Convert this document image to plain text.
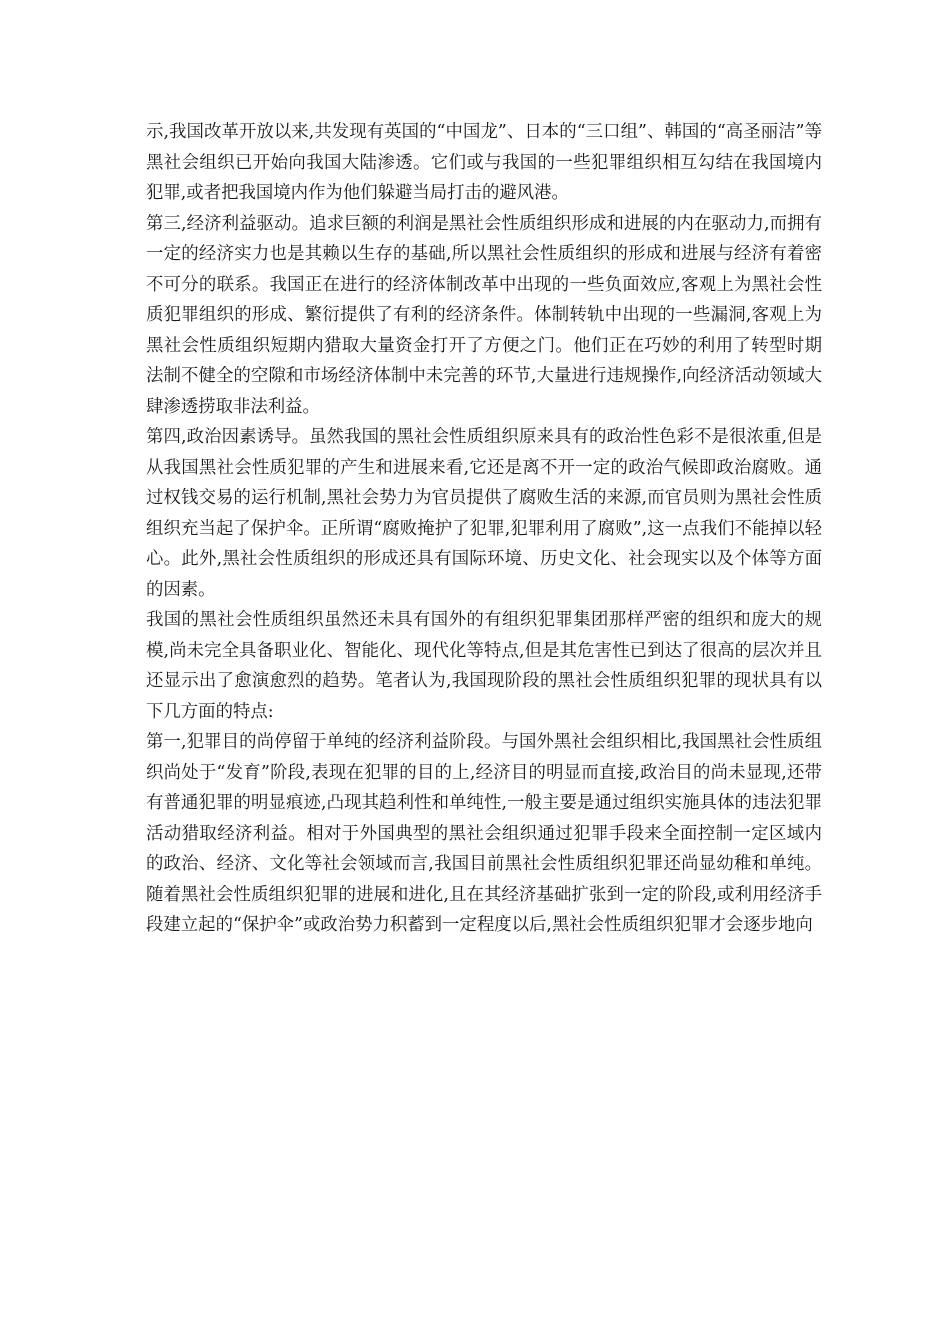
示,我国改革开放以来,共发现有英国的“中国龙”、日本的“三口组”、韩国的“高圣丽洁”等黑社会组织已开始向我国大陆渗透。它们或与我国的一些犯罪组织相互勾结在我国境内犯罪,或者把我国境内作为他们躲避当局打击的避风港。

第三,经济利益驱动。追求巨额的利润是黑社会性质组织形成和进展的内在驱动力,而拥有一定的经济实力也是其赖以生存的基础,所以黑社会性质组织的形成和进展与经济有着密不可分的联系。我国正在进行的经济体制改革中出现的一些负面效应,客观上为黑社会性质犯罪组织的形成、繁衍提供了有利的经济条件。体制转轨中出现的一些漏洞,客观上为黑社会性质组织短期内猎取大量资金打开了方便之门。他们正在巧妙的利用了转型时期法制不健全的空隙和市场经济体制中未完善的环节,大量进行违规操作,向经济活动领域大肆渗透捞取非法利益。

第四,政治因素诱导。虽然我国的黑社会性质组织原来具有的政治性色彩不是很浓重,但是从我国黑社会性质犯罪的产生和进展来看,它还是离不开一定的政治气候即政治腐败。通过权钱交易的运行机制,黑社会势力为官员提供了腐败生活的来源,而官员则为黑社会性质组织充当起了保护伞。正所谓“腐败掩护了犯罪,犯罪利用了腐败”,这一点我们不能掉以轻心。此外,黑社会性质组织的形成还具有国际环境、历史文化、社会现实以及个体等方面的因素。

我国的黑社会性质组织虽然还未具有国外的有组织犯罪集团那样严密的组织和庞大的规模,尚未完全具备职业化、智能化、现代化等特点,但是其危害性已到达了很高的层次并且还显示出了愈演愈烈的趋势。笔者认为,我国现阶段的黑社会性质组织犯罪的现状具有以下几方面的特点:

第一,犯罪目的尚停留于单纯的经济利益阶段。与国外黑社会组织相比,我国黑社会性质组织尚处于“发育”阶段,表现在犯罪的目的上,经济目的明显而直接,政治目的尚未显现,还带有普通犯罪的明显痕迹,凸现其趋利性和单纯性,一般主要是通过组织实施具体的违法犯罪活动猎取经济利益。相对于外国典型的黑社会组织通过犯罪手段来全面控制一定区域内的政治、经济、文化等社会领域而言,我国目前黑社会性质组织犯罪还尚显幼稚和单纯。随着黑社会性质组织犯罪的进展和进化,且在其经济基础扩张到一定的阶段,或利用经济手段建立起的“保护伞”或政治势力积蓄到一定程度以后,黑社会性质组织犯罪才会逐步地向
